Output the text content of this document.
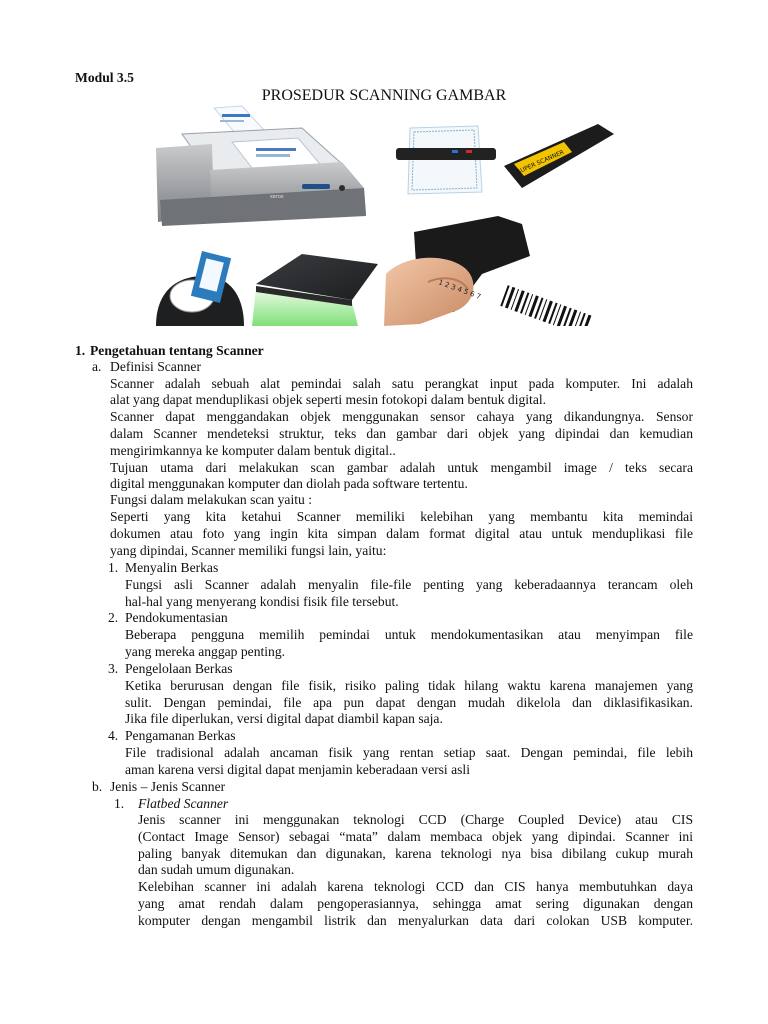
Modul 3.5
PROSEDUR SCANNING GAMBAR
xerox
SUPER SCANNER
1 2 3 4 5 6 7
1. Pengetahuan tentang Scanner
a. Definisi Scanner
Scanner adalah sebuah alat pemindai salah satu perangkat input pada komputer. Ini adalah
alat yang dapat menduplikasi objek seperti mesin fotokopi dalam bentuk digital.
Scanner dapat menggandakan objek menggunakan sensor cahaya yang dikandungnya. Sensor
dalam Scanner mendeteksi struktur, teks dan gambar dari objek yang dipindai dan kemudian
mengirimkannya ke komputer dalam bentuk digital..
Tujuan utama dari melakukan scan gambar adalah untuk mengambil image / teks secara
digital menggunakan komputer dan diolah pada software tertentu.
Fungsi dalam melakukan scan yaitu :
Seperti yang kita ketahui Scanner memiliki kelebihan yang membantu kita memindai
dokumen atau foto yang ingin kita simpan dalam format digital atau untuk menduplikasi file
yang dipindai, Scanner memiliki fungsi lain, yaitu:
1. Menyalin Berkas
Fungsi asli Scanner adalah menyalin file-file penting yang keberadaannya terancam oleh
hal-hal yang menyerang kondisi fisik file tersebut.
2. Pendokumentasian
Beberapa pengguna memilih pemindai untuk mendokumentasikan atau menyimpan file
yang mereka anggap penting.
3. Pengelolaan Berkas
Ketika berurusan dengan file fisik, risiko paling tidak hilang waktu karena manajemen yang
sulit. Dengan pemindai, file apa pun dapat dengan mudah dikelola dan diklasifikasikan.
Jika file diperlukan, versi digital dapat diambil kapan saja.
4. Pengamanan Berkas
File tradisional adalah ancaman fisik yang rentan setiap saat. Dengan pemindai, file lebih
aman karena versi digital dapat menjamin keberadaan versi asli
b. Jenis – Jenis Scanner
1. Flatbed Scanner
Jenis scanner ini menggunakan teknologi CCD (Charge Coupled Device) atau CIS
(Contact Image Sensor) sebagai “mata” dalam membaca objek yang dipindai. Scanner ini
paling banyak ditemukan dan digunakan, karena teknologi nya bisa dibilang cukup murah
dan sudah umum digunakan.
Kelebihan scanner ini adalah karena teknologi CCD dan CIS hanya membutuhkan daya
yang amat rendah dalam pengoperasiannya, sehingga amat sering digunakan dengan
komputer dengan mengambil listrik dan menyalurkan data dari colokan USB komputer.
